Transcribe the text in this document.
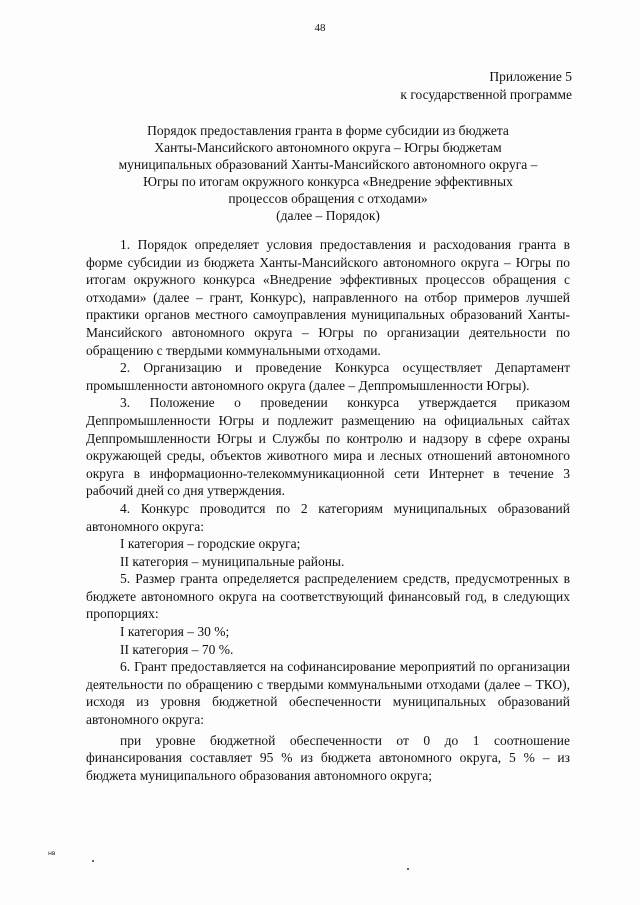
48
Приложение 5
к государственной программе
Порядок предоставления гранта в форме субсидии из бюджета
Ханты-Мансийского автономного округа – Югры бюджетам
муниципальных образований Ханты-Мансийского автономного округа –
Югры по итогам окружного конкурса «Внедрение эффективных
процессов обращения с отходами»
(далее – Порядок)

1. Порядок определяет условия предоставления и расходования гранта в форме субсидии из бюджета Ханты-Мансийского автономного округа – Югры по итогам окружного конкурса «Внедрение эффективных процессов обращения с отходами» (далее – грант, Конкурс), направленного на отбор примеров лучшей практики органов местного самоуправления муниципальных образований Ханты-Мансийского автономного округа – Югры по организации деятельности по обращению с твердыми коммунальными отходами.

2. Организацию и проведение Конкурса осуществляет Департамент промышленности автономного округа (далее – Деппромышленности Югры).

3. Положение о проведении конкурса утверждается приказом Деппромышленности Югры и подлежит размещению на официальных сайтах Деппромышленности Югры и Службы по контролю и надзору в сфере охраны окружающей среды, объектов животного мира и лесных отношений автономного округа в информационно-телекоммуникационной сети Интернет в течение 3 рабочий дней со дня утверждения.

4. Конкурс проводится по 2 категориям муниципальных образований автономного округа:

I категория – городские округа;

II категория – муниципальные районы.

5. Размер гранта определяется распределением средств, предусмотренных в бюджете автономного округа на соответствующий финансовый год, в следующих пропорциях:

I категория – 30 %;

II категория – 70 %.

6. Грант предоставляется на софинансирование мероприятий по организации деятельности по обращению с твердыми коммунальными отходами (далее – ТКО), исходя из уровня бюджетной обеспеченности муниципальных образований автономного округа:

при уровне бюджетной обеспеченности от 0 до 1 соотношение финансирования составляет 95 % из бюджета автономного округа, 5 % – из бюджета муниципального образования автономного округа;

нв
